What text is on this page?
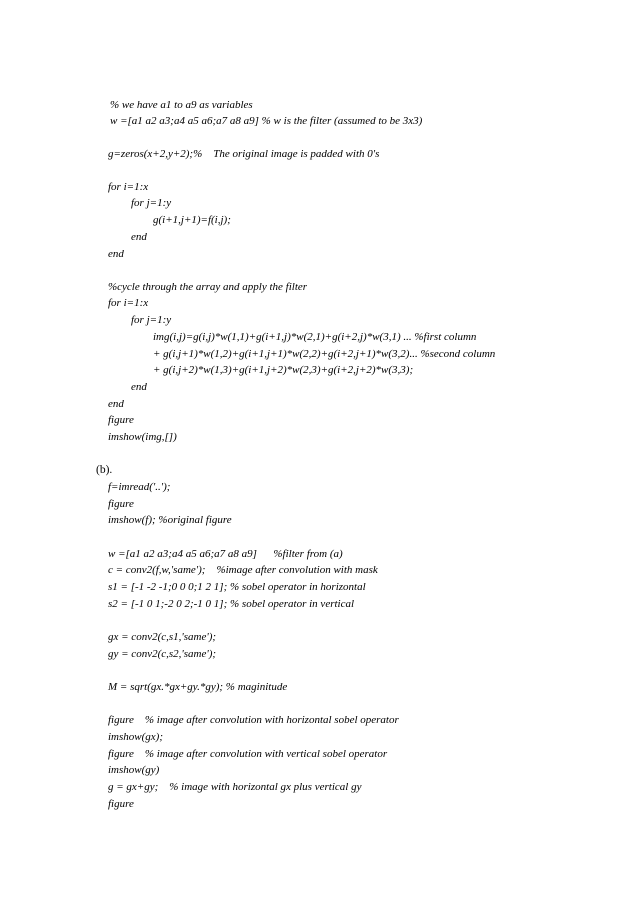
% we have a1 to a9 as variables
w =[a1 a2 a3;a4 a5 a6;a7 a8 a9] % w is the filter (assumed to be 3x3)
g=zeros(x+2,y+2);%    The original image is padded with 0's
for i=1:x
for j=1:y
g(i+1,j+1)=f(i,j);
end
end
%cycle through the array and apply the filter
for i=1:x
for j=1:y
img(i,j)=g(i,j)*w(1,1)+g(i+1,j)*w(2,1)+g(i+2,j)*w(3,1) ... %first column
+ g(i,j+1)*w(1,2)+g(i+1,j+1)*w(2,2)+g(i+2,j+1)*w(3,2)... %second column
+ g(i,j+2)*w(1,3)+g(i+1,j+2)*w(2,3)+g(i+2,j+2)*w(3,3);
end
end
figure
imshow(img,[])
(b).
f=imread('..');
figure
imshow(f); %original figure
w =[a1 a2 a3;a4 a5 a6;a7 a8 a9]      %filter from (a)
c = conv2(f,w,'same');    %image after convolution with mask
s1 = [-1 -2 -1;0 0 0;1 2 1]; % sobel operator in horizontal
s2 = [-1 0 1;-2 0 2;-1 0 1]; % sobel operator in vertical
gx = conv2(c,s1,'same');
gy = conv2(c,s2,'same');
M = sqrt(gx.*gx+gy.*gy); % maginitude
figure    % image after convolution with horizontal sobel operator
imshow(gx);
figure    % image after convolution with vertical sobel operator
imshow(gy)
g = gx+gy;    % image with horizontal gx plus vertical gy
figure
